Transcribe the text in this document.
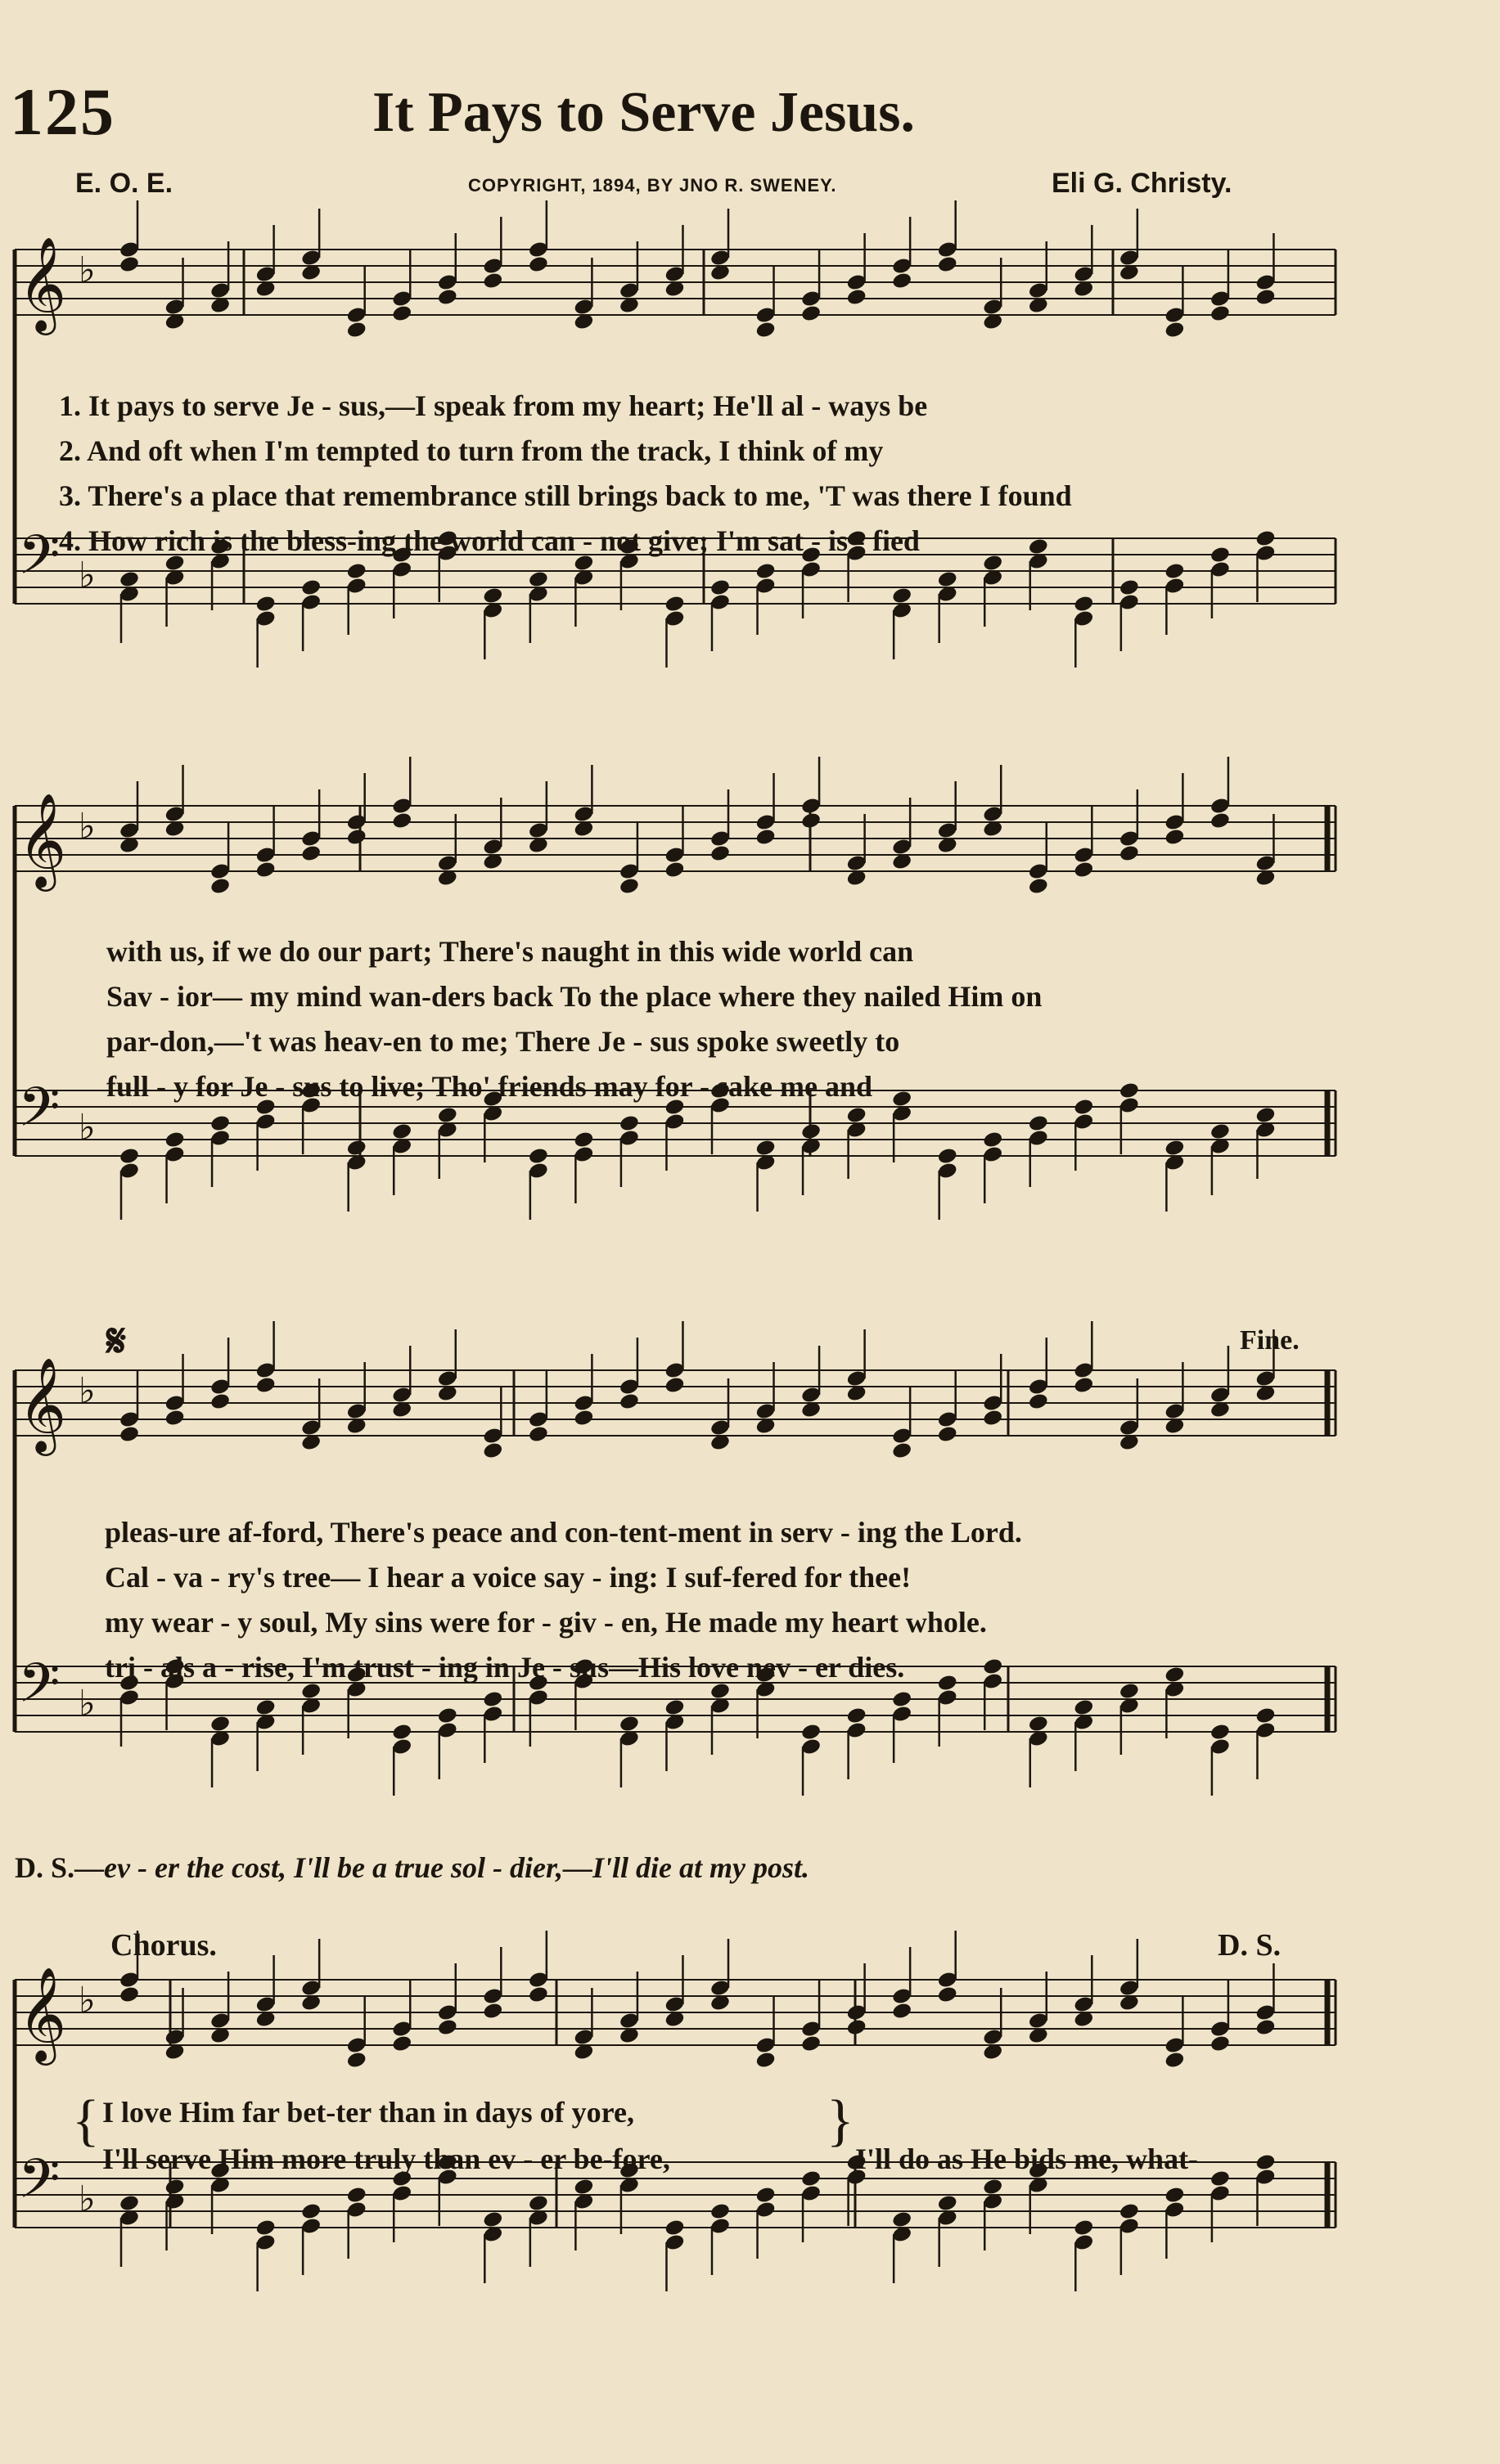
125	It Pays to Serve Jesus.
E. O. E.	COPYRIGHT, 1894, BY JNO R. SWENEY.	Eli G. Christy.
𝄞 ♭
𝄢 ♭
𝄞 ♭
𝄢 ♭
𝄞 ♭
𝄢 ♭
𝄞 ♭
𝄢 ♭
1. It pays to serve Je - sus,—I speak from my heart; He'll al - ways be
2. And oft when I'm tempted to turn from the track, I think of my
3. There's a place that remembrance still brings back to me, 'T was there I found
4. How rich is the bless-ing the world can - not give; I'm sat - is - fied
with us, if we do our part; There's naught in this wide world can
Sav - ior— my mind wan-ders back To the place where they nailed Him on
par-don,—'t was heav-en to me; There Je - sus spoke sweetly to
full - y for Je - sus to live; Tho' friends may for - sake me and
𝄋	Fine.
pleas-ure af-ford, There's peace and con-tent-ment in serv - ing the Lord.
Cal - va - ry's tree— I hear a voice say - ing: I suf-fered for thee!
my wear - y soul, My sins were for - giv - en, He made my heart whole.
tri - als a - rise, I'm trust - ing in Je - sus—His love nev - er dies.
D. S.—ev - er the cost, I'll be a true sol - dier,—I'll die at my post.
Chorus.	D. S.
{ I love Him far bet-ter than in days of yore,
I'll serve Him more truly than ev - er be-fore,
}
I'll do as He bids me, what-
